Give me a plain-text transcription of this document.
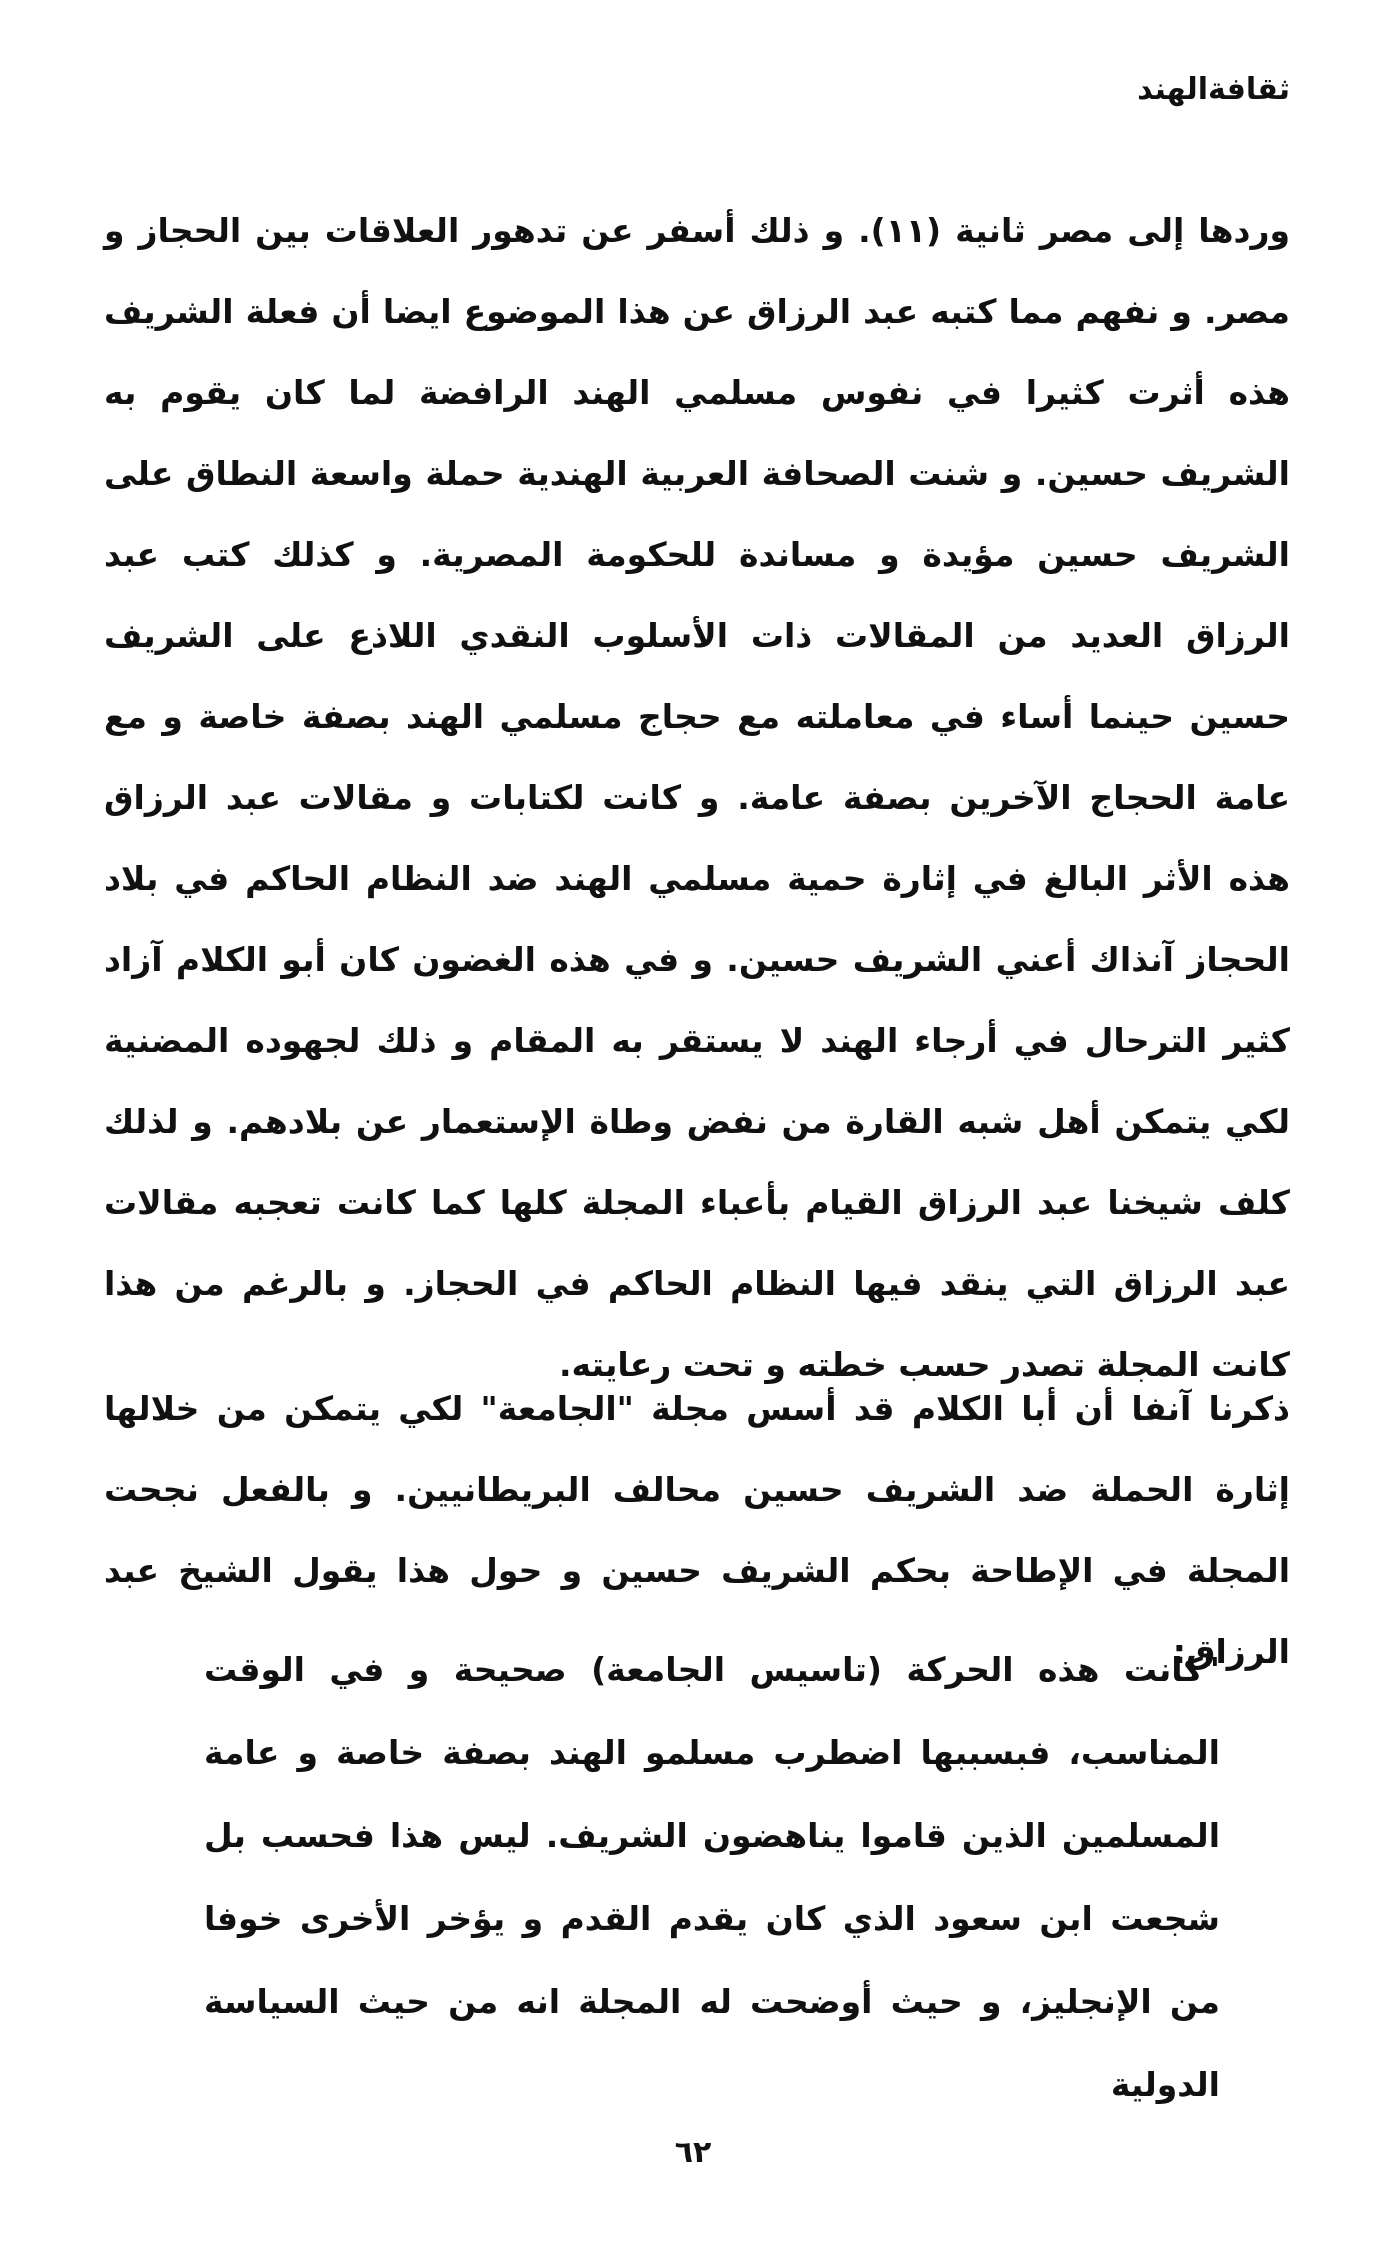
ثقافةالهند

وردها إلى مصر ثانية (١١). و ذلك أسفر عن تدهور العلاقات بين الحجاز و مصر. و نفهم مما كتبه عبد الرزاق عن هذا الموضوع ايضا أن فعلة الشريف هذه أثرت كثيرا في نفوس مسلمي الهند الرافضة لما كان يقوم به الشريف حسين. و شنت الصحافة العربية الهندية حملة واسعة النطاق على الشريف حسين مؤيدة و مساندة للحكومة المصرية. و كذلك كتب عبد الرزاق العديد من المقالات ذات الأسلوب النقدي اللاذع على الشريف حسين حينما أساء في معاملته مع حجاج مسلمي الهند بصفة خاصة و مع عامة الحجاج الآخرين بصفة عامة. و كانت لكتابات و مقالات عبد الرزاق هذه الأثر البالغ في إثارة حمية مسلمي الهند ضد النظام الحاكم في بلاد الحجاز آنذاك أعني الشريف حسين. و في هذه الغضون كان أبو الكلام آزاد كثير الترحال في أرجاء الهند لا يستقر به المقام و ذلك لجهوده المضنية لكي يتمكن أهل شبه القارة من نفض وطاة الإستعمار عن بلادهم. و لذلك كلف شيخنا عبد الرزاق القيام بأعباء المجلة كلها كما كانت تعجبه مقالات عبد الرزاق التي ينقد فيها النظام الحاكم في الحجاز. و بالرغم من هذا كانت المجلة تصدر حسب خطته و تحت رعايته.

ذكرنا آنفا أن أبا الكلام قد أسس مجلة "الجامعة" لكي يتمكن من خلالها إثارة الحملة ضد الشريف حسين محالف البريطانيين. و بالفعل نجحت المجلة في الإطاحة بحكم الشريف حسين و حول هذا يقول الشيخ عبد الرزاق:

"كانت هذه الحركة (تاسيس الجامعة) صحيحة و في الوقت المناسب، فبسببها اضطرب مسلمو الهند بصفة خاصة و عامة المسلمين الذين قاموا يناهضون الشريف. ليس هذا فحسب بل شجعت ابن سعود الذي كان يقدم القدم و يؤخر الأخرى خوفا من الإنجليز، و حيث أوضحت له المجلة انه من حيث السياسة الدولية

٦٢
